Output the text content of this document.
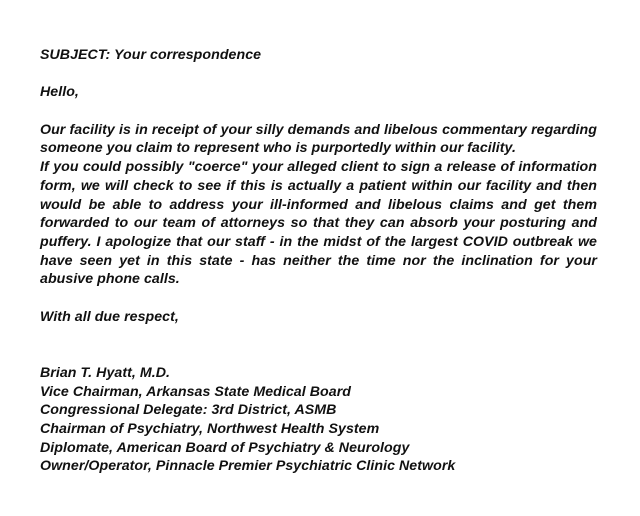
SUBJECT: Your correspondence
Hello,

Our facility is in receipt of your silly demands and libelous commentary regarding someone you claim to represent who is purportedly within our facility.

If you could possibly "coerce" your alleged client to sign a release of information form, we will check to see if this is actually a patient within our facility and then would be able to address your ill-informed and libelous claims and get them forwarded to our team of attorneys so that they can absorb your posturing and puffery. I apologize that our staff - in the midst of the largest COVID outbreak we have seen yet in this state - has neither the time nor the inclination for your abusive phone calls.

With all due respect,
Brian T. Hyatt, M.D.
Vice Chairman, Arkansas State Medical Board
Congressional Delegate: 3rd District, ASMB
Chairman of Psychiatry, Northwest Health System
Diplomate, American Board of Psychiatry & Neurology
Owner/Operator, Pinnacle Premier Psychiatric Clinic Network
